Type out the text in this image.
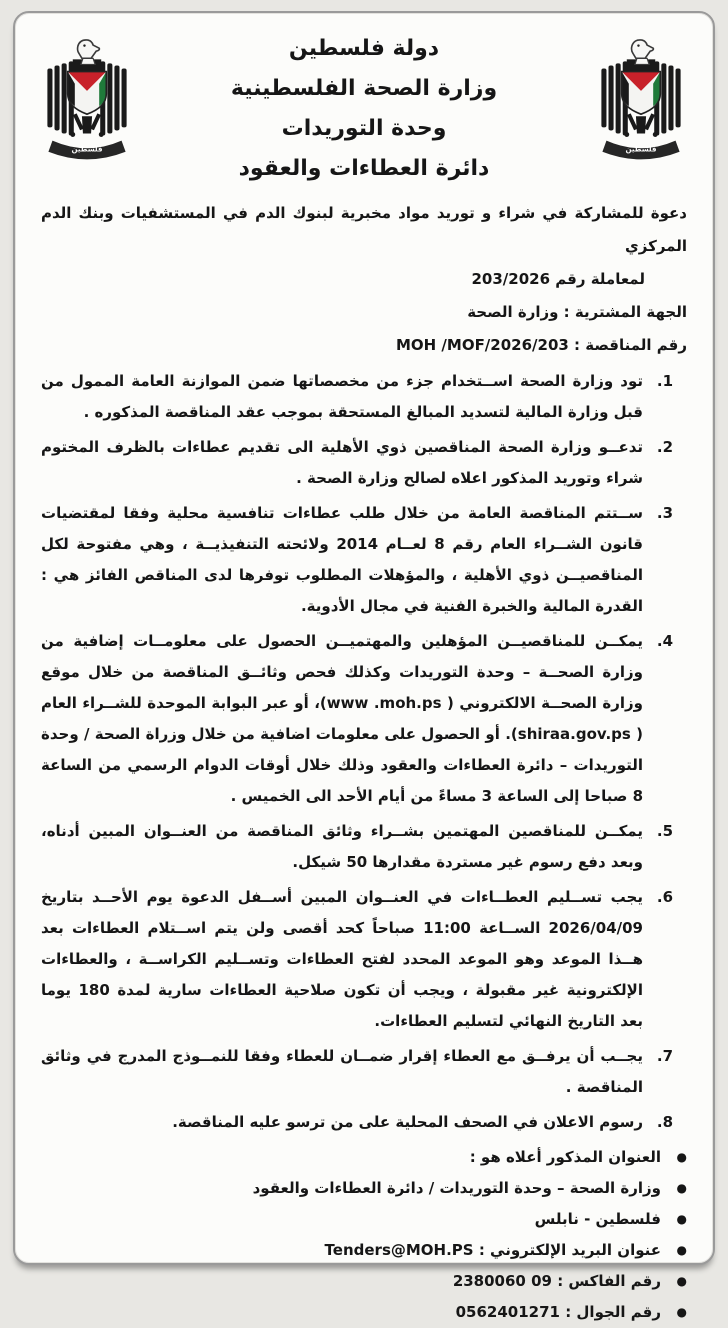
فلسطين
دولة فلسطين
وزارة الصحة الفلسطينية
وحدة التوريدات
دائرة العطاءات والعقود
فلسطين
دعوة للمشاركة في شراء و توريد مواد مخبرية لبنوك الدم في المستشفيات وبنك الدم المركزي
لمعاملة رقم 203/2026
الجهة المشترية : وزارة الصحة
رقم المناقصة : MOH /MOF/2026/203
.1
تود وزارة الصحة اســتخدام جزء من مخصصاتها ضمن الموازنة العامة الممول من قبل وزارة المالية لتسديد المبالغ المستحقة بموجب عقد المناقصة المذكوره .
.2
تدعــو وزارة الصحة المناقصين ذوي الأهلية الى تقديم عطاءات بالظرف المختوم شراء وتوريد المذكور اعلاه لصالح وزارة الصحة .
.3
ســتتم المناقصة العامة من خلال طلب عطاءات تنافسية محلية وفقا لمقتضيات قانون الشــراء العام رقم 8 لعــام 2014 ولائحته التنفيذيــة ، وهي مفتوحة لكل المناقصيــن ذوي الأهلية ، والمؤهلات المطلوب توفرها لدى المناقص الفائز هي : القدرة المالية والخبرة الفنية في مجال الأدوية.
.4
يمكــن للمناقصيــن المؤهلين والمهتميــن الحصول على معلومــات إضافية من وزارة الصحــة – وحدة التوريدات وكذلك فحص وثائــق المناقصة من خلال موقع وزارة الصحــة الالكتروني ( www .moh.ps)، أو عبر البوابة الموحدة للشــراء العام ( shiraa.gov.ps). أو الحصول على معلومات اضافية من خلال وزراة الصحة / وحدة التوريدات – دائرة العطاءات والعقود وذلك خلال أوقات الدوام الرسمي من الساعة 8 صباحا إلى الساعة 3 مساءً من أيام الأحد الى الخميس .
.5
يمكــن للمناقصين المهتمين بشــراء وثائق المناقصة من العنــوان المبين أدناه، وبعد دفع رسوم غير مستردة مقدارها 50 شيكل.
.6
يجب تســليم العطــاءات في العنــوان المبين أســفل الدعوة يوم الأحــد بتاريخ 2026/04/09 الســاعة 11:00 صباحاً كحد أقصى ولن يتم اســتلام العطاءات بعد هــذا الموعد وهو الموعد المحدد لفتح العطاءات وتســليم الكراســة ، والعطاءات الإلكترونية غير مقبولة ، ويجب أن تكون صلاحية العطاءات سارية لمدة 180 يوما بعد التاريخ النهائي لتسليم العطاءات.
.7
يجــب أن يرفــق مع العطاء إقرار ضمــان للعطاء وفقا للنمــوذج المدرج في وثائق المناقصة .
.8
رسوم الاعلان في الصحف المحلية على من ترسو عليه المناقصة.
●
العنوان المذكور أعلاه هو :
●
وزارة الصحة – وحدة التوريدات / دائرة العطاءات والعقود
●
فلسطين - نابلس
●
عنوان البريد الإلكتروني : Tenders@MOH.PS
●
رقم الفاكس : 09 2380060
●
رقم الجوال : 0562401271
